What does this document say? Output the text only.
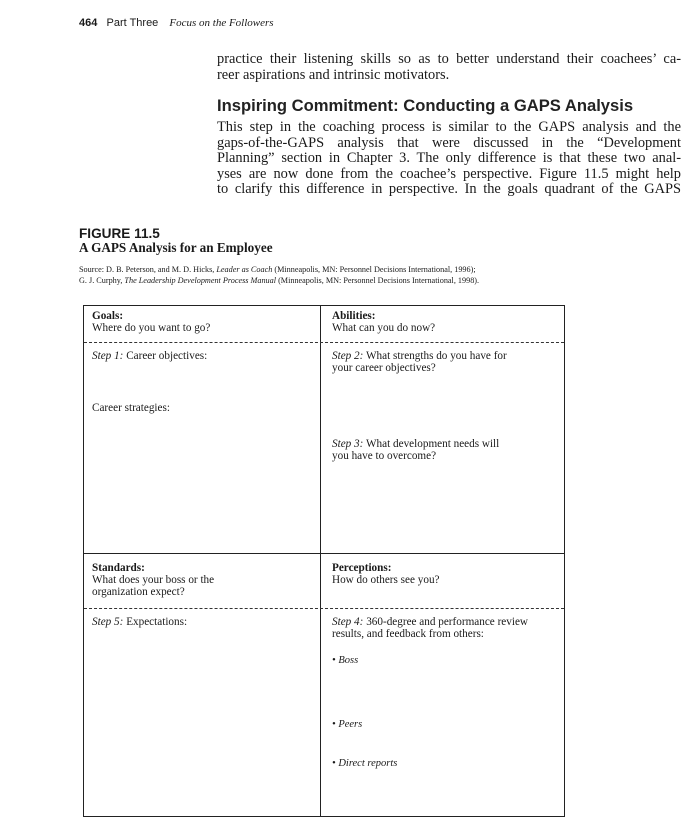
464 Part Three Focus on the Followers
practice their listening skills so as to better understand their coachees’ ca-
reer aspirations and intrinsic motivators.
Inspiring Commitment: Conducting a GAPS Analysis
This step in the coaching process is similar to the GAPS analysis and the
gaps-of-the-GAPS analysis that were discussed in the “Development
Planning” section in Chapter 3. The only difference is that these two anal-
yses are now done from the coachee’s perspective. Figure 11.5 might help
to clarify this difference in perspective. In the goals quadrant of the GAPS
FIGURE 11.5
A GAPS Analysis for an Employee
Source: D. B. Peterson, and M. D. Hicks, Leader as Coach (Minneapolis, MN: Personnel Decisions International, 1996);
G. J. Curphy, The Leadership Development Process Manual (Minneapolis, MN: Personnel Decisions International, 1998).
Goals:
Where do you want to go?
Step 1: Career objectives:
Career strategies:
Abilities:
What can you do now?
Step 2: What strengths do you have for
your career objectives?
Step 3: What development needs will
you have to overcome?
Standards:
What does your boss or the
organization expect?
Step 5: Expectations:
Perceptions:
How do others see you?
Step 4: 360-degree and performance review
results, and feedback from others:
• Boss
• Peers
• Direct reports
